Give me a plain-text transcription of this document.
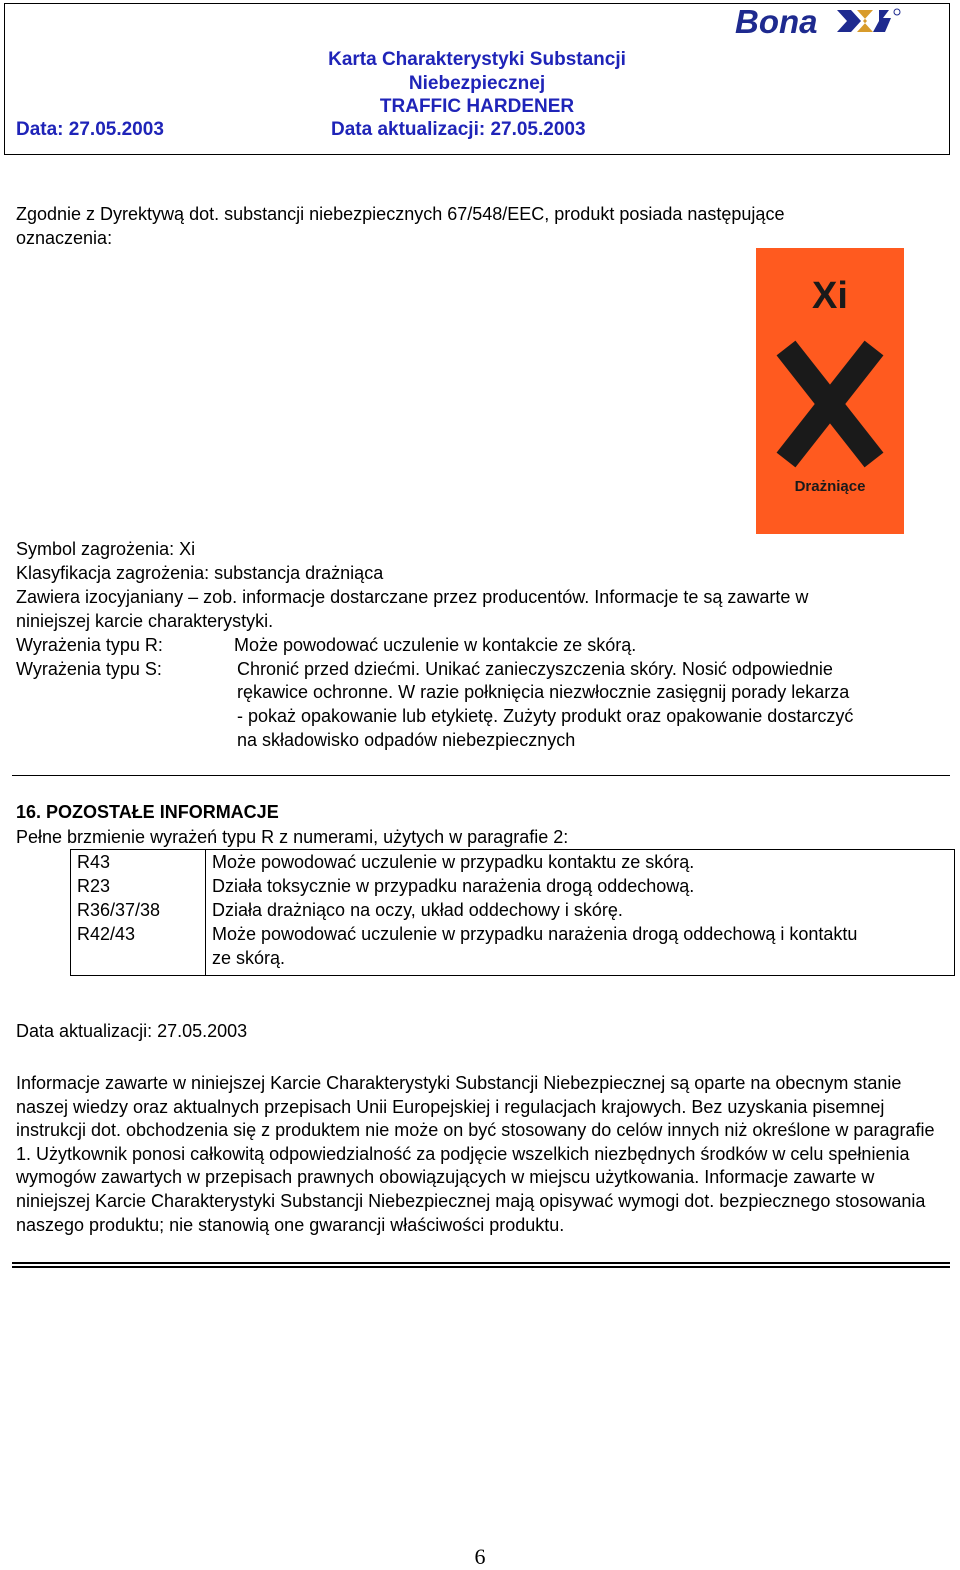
Bona
Karta Charakterystyki Substancji
Niebezpiecznej
TRAFFIC HARDENER
Data: 27.05.2003	Data aktualizacji: 27.05.2003
Zgodnie z Dyrektywą dot. substancji niebezpiecznych 67/548/EEC, produkt posiada następujące
oznaczenia:
Xi
Drażniące
Symbol zagrożenia: Xi
Klasyfikacja zagrożenia: substancja drażniąca
Zawiera izocyjaniany – zob. informacje dostarczane przez producentów. Informacje te są zawarte w
niniejszej karcie charakterystyki.
Wyrażenia typu R:	Może powodować uczulenie w kontakcie ze skórą.
Wyrażenia typu S:	Chronić przed dziećmi. Unikać zanieczyszczenia skóry. Nosić odpowiednie
rękawice ochronne. W razie połknięcia niezwłocznie zasięgnij porady lekarza
- pokaż opakowanie lub etykietę. Zużyty produkt oraz opakowanie dostarczyć
na składowisko odpadów niebezpiecznych
16. POZOSTAŁE INFORMACJE
Pełne brzmienie wyrażeń typu R z numerami, użytych w paragrafie 2:
R43	Może powodować uczulenie w przypadku kontaktu ze skórą.
R23	Działa toksycznie w przypadku narażenia drogą oddechową.
R36/37/38	Działa drażniąco na oczy, układ oddechowy i skórę.
R42/43	Może powodować uczulenie w przypadku narażenia drogą oddechową i kontaktu ze skórą.
Data aktualizacji: 27.05.2003
Informacje zawarte w niniejszej Karcie Charakterystyki Substancji Niebezpiecznej są oparte na obecnym stanie naszej wiedzy oraz aktualnych przepisach Unii Europejskiej i regulacjach krajowych. Bez uzyskania pisemnej instrukcji dot. obchodzenia się z produktem nie może on być stosowany do celów innych niż określone w paragrafie 1. Użytkownik ponosi całkowitą odpowiedzialność za podjęcie wszelkich niezbędnych środków w celu spełnienia wymogów zawartych w przepisach prawnych obowiązujących w miejscu użytkowania. Informacje zawarte w niniejszej Karcie Charakterystyki Substancji Niebezpiecznej mają opisywać wymogi dot. bezpiecznego stosowania naszego produktu; nie stanowią one gwarancji właściwości produktu.
6
